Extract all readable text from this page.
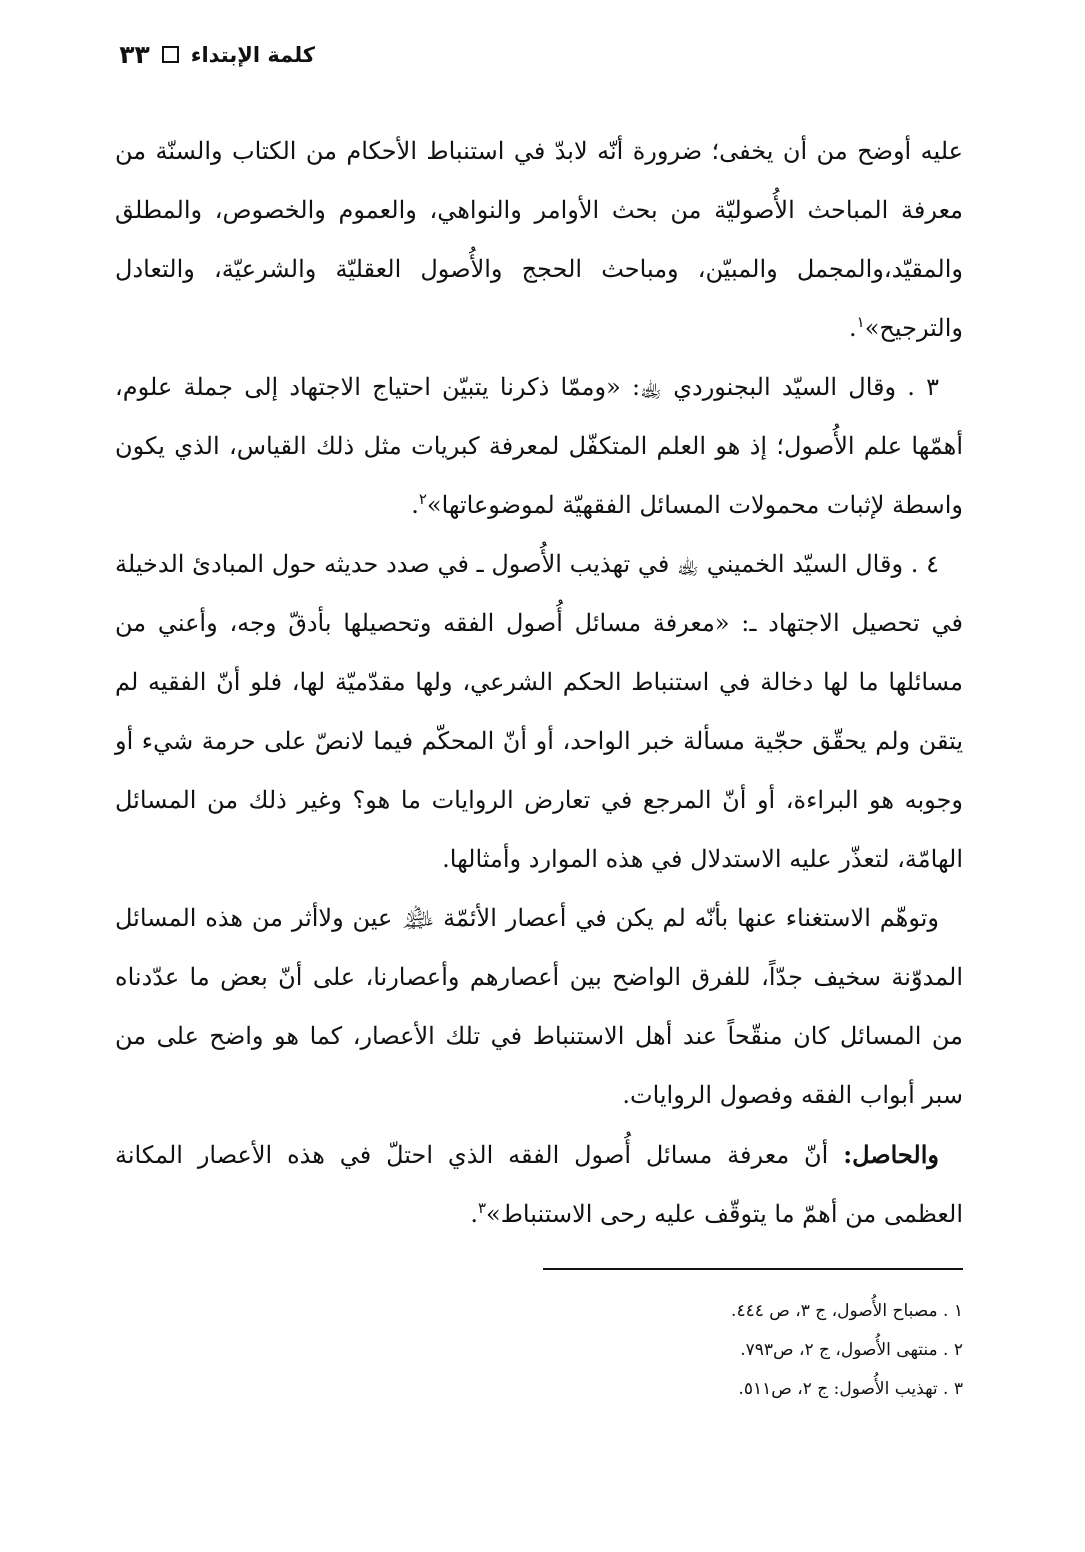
كلمة الإبتداء
٣٣

عليه أوضح من أن يخفى؛ ضرورة أنّه لابدّ في استنباط الأحكام من الكتاب والسنّة من معرفة المباحث الأُصوليّة من بحث الأوامر والنواهي، والعموم والخصوص، والمطلق والمقيّد،والمجمل والمبيّن، ومباحث الحجج والأُصول العقليّة والشرعيّة، والتعادل والترجيح»$^١$.

٣ . وقال السيّد البجنوردي ﵀: «وممّا ذكرنا يتبيّن احتياج الاجتهاد إلى جملة علوم، أهمّها علم الأُصول؛ إذ هو العلم المتكفّل لمعرفة كبريات مثل ذلك القياس، الذي يكون واسطة لإثبات محمولات المسائل الفقهيّة لموضوعاتها»$^٢$.

٤ . وقال السيّد الخميني ﵀ في تهذيب الأُصول ـ في صدد حديثه حول المبادئ الدخيلة في تحصيل الاجتهاد ـ: «معرفة مسائل أُصول الفقه وتحصيلها بأدقّ وجه، وأعني من مسائلها ما لها دخالة في استنباط الحكم الشرعي، ولها مقدّميّة لها، فلو أنّ الفقيه لم يتقن ولم يحقّق حجّية مسألة خبر الواحد، أو أنّ المحكّم فيما لانصّ على حرمة شيء أو وجوبه هو البراءة، أو أنّ المرجع في تعارض الروايات ما هو؟ وغير ذلك من المسائل الهامّة، لتعذّر عليه الاستدلال في هذه الموارد وأمثالها.

وتوهّم الاستغناء عنها بأنّه لم يكن في أعصار الأئمّة ﵈ عين ولاأثر من هذه المسائل المدوّنة سخيف جدّاً، للفرق الواضح بين أعصارهم وأعصارنا، على أنّ بعض ما عدّدناه من المسائل كان منقّحاً عند أهل الاستنباط في تلك الأعصار، كما هو واضح على من سبر أبواب الفقه وفصول الروايات.

والحاصل: أنّ معرفة مسائل أُصول الفقه الذي احتلّ في هذه الأعصار المكانة العظمى من أهمّ ما يتوقّف عليه رحى الاستنباط»$^٣$.

١ . مصباح الأُصول، ج ٣، ص ٤٤٤.

٢ . منتهى الأُصول، ج ٢، ص٧٩٣.

٣ . تهذيب الأُصول: ج ٢، ص٥١١.
